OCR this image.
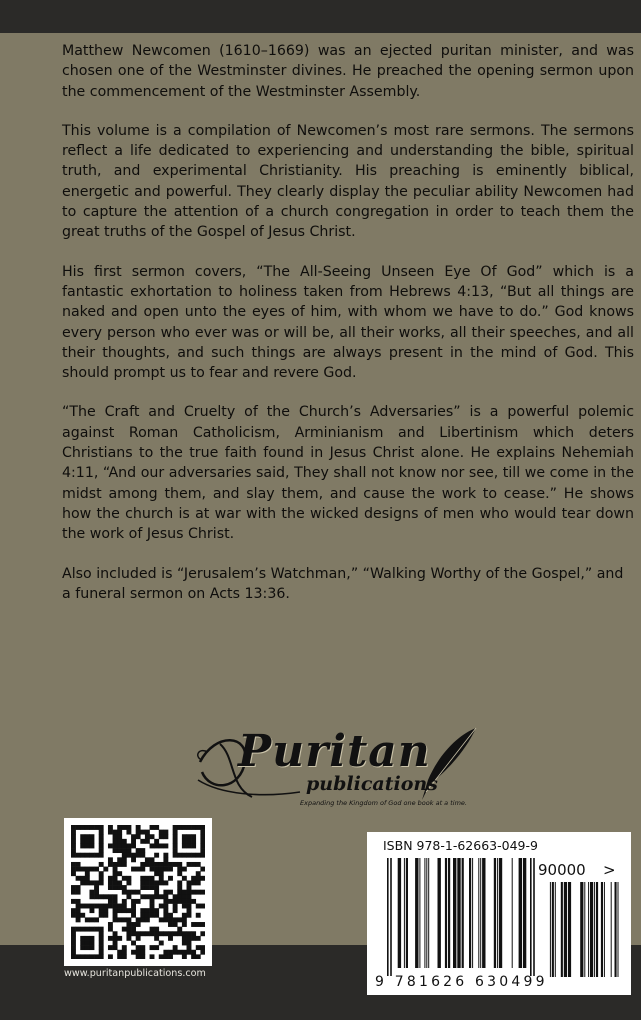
Matthew Newcomen (1610–1669) was an ejected puritan minister, and was chosen one of the Westminster divines. He preached the opening sermon upon the commencement of the Westminster Assembly.

This volume is a compilation of Newcomen’s most rare sermons. The sermons reflect a life dedicated to experiencing and understanding the bible, spiritual truth, and experimental Christianity. His preaching is eminently biblical, energetic and powerful. They clearly display the peculiar ability Newcomen had to capture the attention of a church congregation in order to teach them the great truths of the Gospel of Jesus Christ.

His first sermon covers, “The All-Seeing Unseen Eye Of God” which is a fantastic exhortation to holiness taken from Hebrews 4:13, “But all things are naked and open unto the eyes of him, with whom we have to do.” God knows every person who ever was or will be, all their works, all their speeches, and all their thoughts, and such things are always present in the mind of God. This should prompt us to fear and revere God.

“The Craft and Cruelty of the Church’s Adversaries” is a powerful polemic against Roman Catholicism, Arminianism and Libertinism which deters Christians to the true faith found in Jesus Christ alone. He explains Nehemiah 4:11, “And our adversaries said, They shall not know nor see, till we come in the midst among them, and slay them, and cause the work to cease.” He shows how the church is at war with the wicked designs of men who would tear down the work of Jesus Christ.

Also included is “Jerusalem’s Watchman,” “Walking Worthy of the Gospel,” and a funeral sermon on Acts 13:36.

Puritan
publications
Expanding the Kingdom of God one book at a time.
www.puritanpublications.com
ISBN 978-1-62663-049-9
90000 >
9 781626 630499
